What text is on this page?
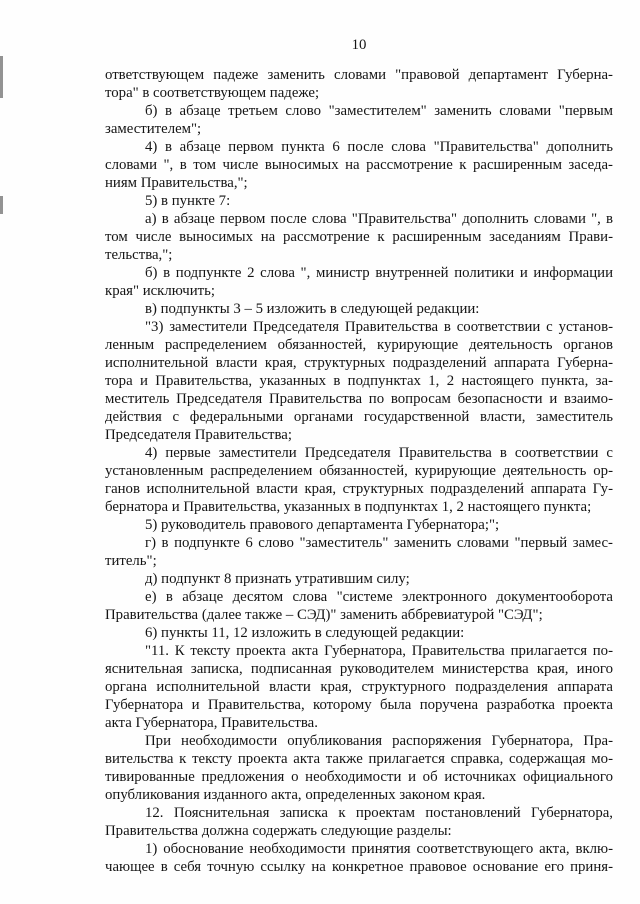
10
ответствующем падеже заменить словами "правовой департамент Губерна-
тора" в соответствующем падеже;
б) в абзаце третьем слово "заместителем" заменить словами "первым
заместителем";
4) в абзаце первом пункта 6 после слова "Правительства" дополнить
словами ", в том числе выносимых на рассмотрение к расширенным заседа-
ниям Правительства,";
5) в пункте 7:
а) в абзаце первом после слова "Правительства" дополнить словами ", в
том числе выносимых на рассмотрение к расширенным заседаниям Прави-
тельства,";
б) в подпункте 2 слова ", министр внутренней политики и информации
края" исключить;
в) подпункты 3 – 5 изложить в следующей редакции:
"3) заместители Председателя Правительства в соответствии с установ-
ленным распределением обязанностей, курирующие деятельность органов
исполнительной власти края, структурных подразделений аппарата Губерна-
тора и Правительства, указанных в подпунктах 1, 2 настоящего пункта, за-
меститель Председателя Правительства по вопросам безопасности и взаимо-
действия с федеральными органами государственной власти, заместитель
Председателя Правительства;
4) первые заместители Председателя Правительства в соответствии с
установленным распределением обязанностей, курирующие деятельность ор-
ганов исполнительной власти края, структурных подразделений аппарата Гу-
бернатора и Правительства, указанных в подпунктах 1, 2 настоящего пункта;
5) руководитель правового департамента Губернатора;";
г) в подпункте 6 слово "заместитель" заменить словами "первый замес-
титель";
д) подпункт 8 признать утратившим силу;
е) в абзаце десятом слова "системе электронного документооборота
Правительства (далее также – СЭД)" заменить аббревиатурой "СЭД";
6) пункты 11, 12 изложить в следующей редакции:
"11. К тексту проекта акта Губернатора, Правительства прилагается по-
яснительная записка, подписанная руководителем министерства края, иного
органа исполнительной власти края, структурного подразделения аппарата
Губернатора и Правительства, которому была поручена разработка проекта
акта Губернатора, Правительства.
При необходимости опубликования распоряжения Губернатора, Пра-
вительства к тексту проекта акта также прилагается справка, содержащая мо-
тивированные предложения о необходимости и об источниках официального
опубликования изданного акта, определенных законом края.
12. Пояснительная записка к проектам постановлений Губернатора,
Правительства должна содержать следующие разделы:
1) обоснование необходимости принятия соответствующего акта, вклю-
чающее в себя точную ссылку на конкретное правовое основание его приня-
